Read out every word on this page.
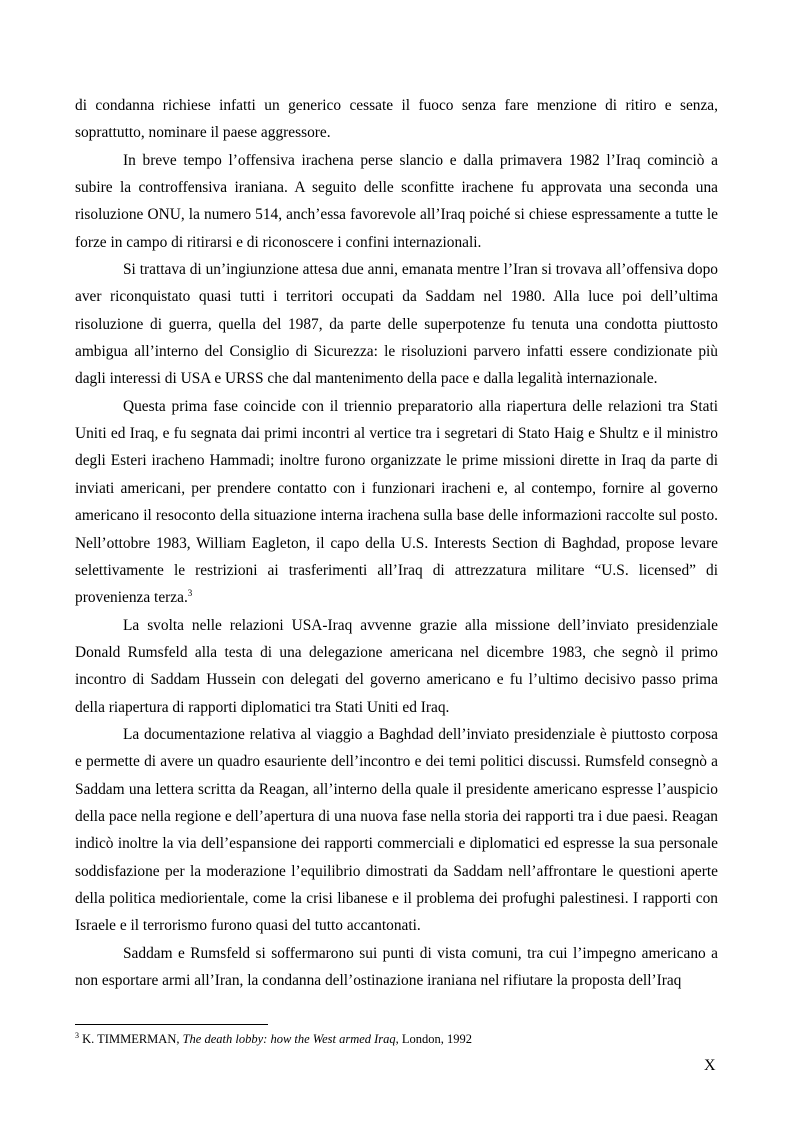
di condanna richiese infatti un generico cessate il fuoco senza fare menzione di ritiro e senza, soprattutto, nominare il paese aggressore.

In breve tempo l’offensiva irachena perse slancio e dalla primavera 1982 l’Iraq cominciò a subire la controffensiva iraniana. A seguito delle sconfitte irachene fu approvata una seconda una risoluzione ONU, la numero 514, anch’essa favorevole all’Iraq poiché si chiese espressamente a tutte le forze in campo di ritirarsi e di riconoscere i confini internazionali.

Si trattava di un’ingiunzione attesa due anni, emanata mentre l’Iran si trovava all’offensiva dopo aver riconquistato quasi tutti i territori occupati da Saddam nel 1980. Alla luce poi dell’ultima risoluzione di guerra, quella del 1987, da parte delle superpotenze fu tenuta una condotta piuttosto ambigua all’interno del Consiglio di Sicurezza: le risoluzioni parvero infatti essere condizionate più dagli interessi di USA e URSS che dal mantenimento della pace e dalla legalità internazionale.

Questa prima fase coincide con il triennio preparatorio alla riapertura delle relazioni tra Stati Uniti ed Iraq, e fu segnata dai primi incontri al vertice tra i segretari di Stato Haig e Shultz e il ministro degli Esteri iracheno Hammadi; inoltre furono organizzate le prime missioni dirette in Iraq da parte di inviati americani, per prendere contatto con i funzionari iracheni e, al contempo, fornire al governo americano il resoconto della situazione interna irachena sulla base delle informazioni raccolte sul posto. Nell’ottobre 1983, William Eagleton, il capo della U.S. Interests Section di Baghdad, propose levare selettivamente le restrizioni ai trasferimenti all’Iraq di attrezzatura militare “U.S. licensed” di provenienza terza.$^3$

La svolta nelle relazioni USA-Iraq avvenne grazie alla missione dell’inviato presidenziale Donald Rumsfeld alla testa di una delegazione americana nel dicembre 1983, che segnò il primo incontro di Saddam Hussein con delegati del governo americano e fu l’ultimo decisivo passo prima della riapertura di rapporti diplomatici tra Stati Uniti ed Iraq.

La documentazione relativa al viaggio a Baghdad dell’inviato presidenziale è piuttosto corposa e permette di avere un quadro esauriente dell’incontro e dei temi politici discussi. Rumsfeld consegnò a Saddam una lettera scritta da Reagan, all’interno della quale il presidente americano espresse l’auspicio della pace nella regione e dell’apertura di una nuova fase nella storia dei rapporti tra i due paesi. Reagan indicò inoltre la via dell’espansione dei rapporti commerciali e diplomatici ed espresse la sua personale soddisfazione per la moderazione l’equilibrio dimostrati da Saddam nell’affrontare le questioni aperte della politica mediorientale, come la crisi libanese e il problema dei profughi palestinesi. I rapporti con Israele e il terrorismo furono quasi del tutto accantonati.

Saddam e Rumsfeld si soffermarono sui punti di vista comuni, tra cui l’impegno americano a non esportare armi all’Iran, la condanna dell’ostinazione iraniana nel rifiutare la proposta dell’Iraq

$^3$ K. TIMMERMAN, The death lobby: how the West armed Iraq, London, 1992
X
